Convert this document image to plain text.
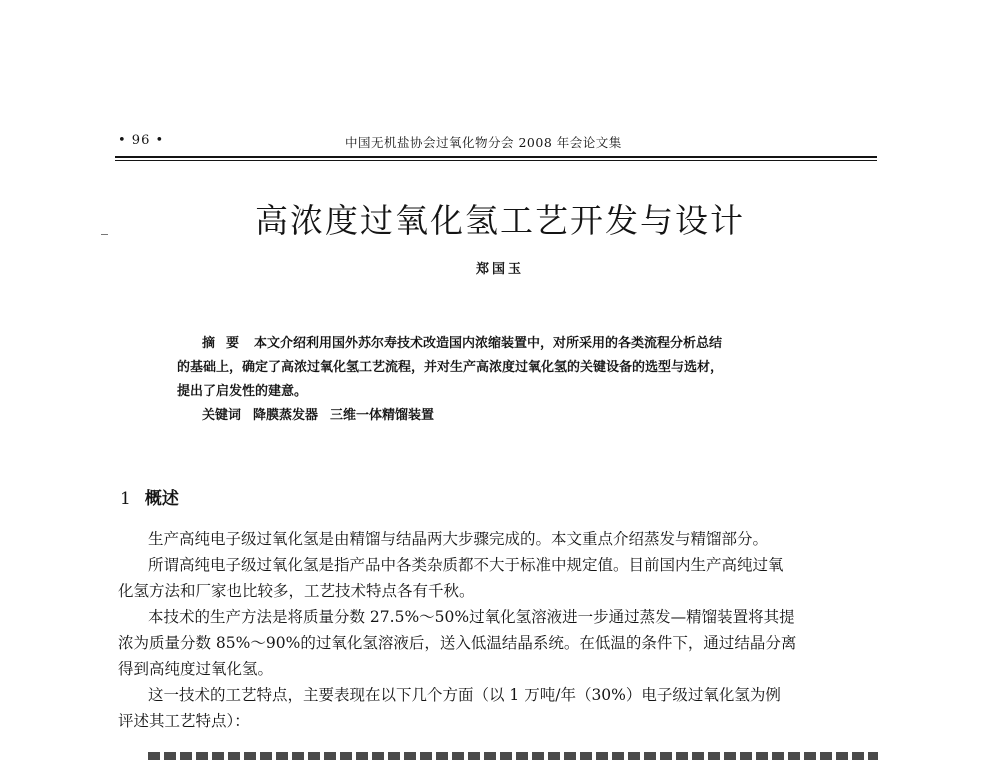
• 96 •	中国无机盐协会过氧化物分会 2008 年会论文集
高浓度过氧化氢工艺开发与设计
郑国玉
摘要 本文介绍利用国外苏尔寿技术改造国内浓缩装置中，对所采用的各类流程分析总结
的基础上，确定了高浓过氧化氢工艺流程，并对生产高浓度过氧化氢的关键设备的选型与选材，
提出了启发性的建意。
关键词 降膜蒸发器 三维一体精馏装置
1 概述
生产高纯电子级过氧化氢是由精馏与结晶两大步骤完成的。本文重点介绍蒸发与精馏部分。
所谓高纯电子级过氧化氢是指产品中各类杂质都不大于标准中规定值。目前国内生产高纯过氧
化氢方法和厂家也比较多，工艺技术特点各有千秋。
本技术的生产方法是将质量分数 27.5%～50%过氧化氢溶液进一步通过蒸发—精馏装置将其提
浓为质量分数 85%～90%的过氧化氢溶液后，送入低温结晶系统。在低温的条件下，通过结晶分离
得到高纯度过氧化氢。
这一技术的工艺特点，主要表现在以下几个方面（以 1 万吨/年（30%）电子级过氧化氢为例
评述其工艺特点）：
